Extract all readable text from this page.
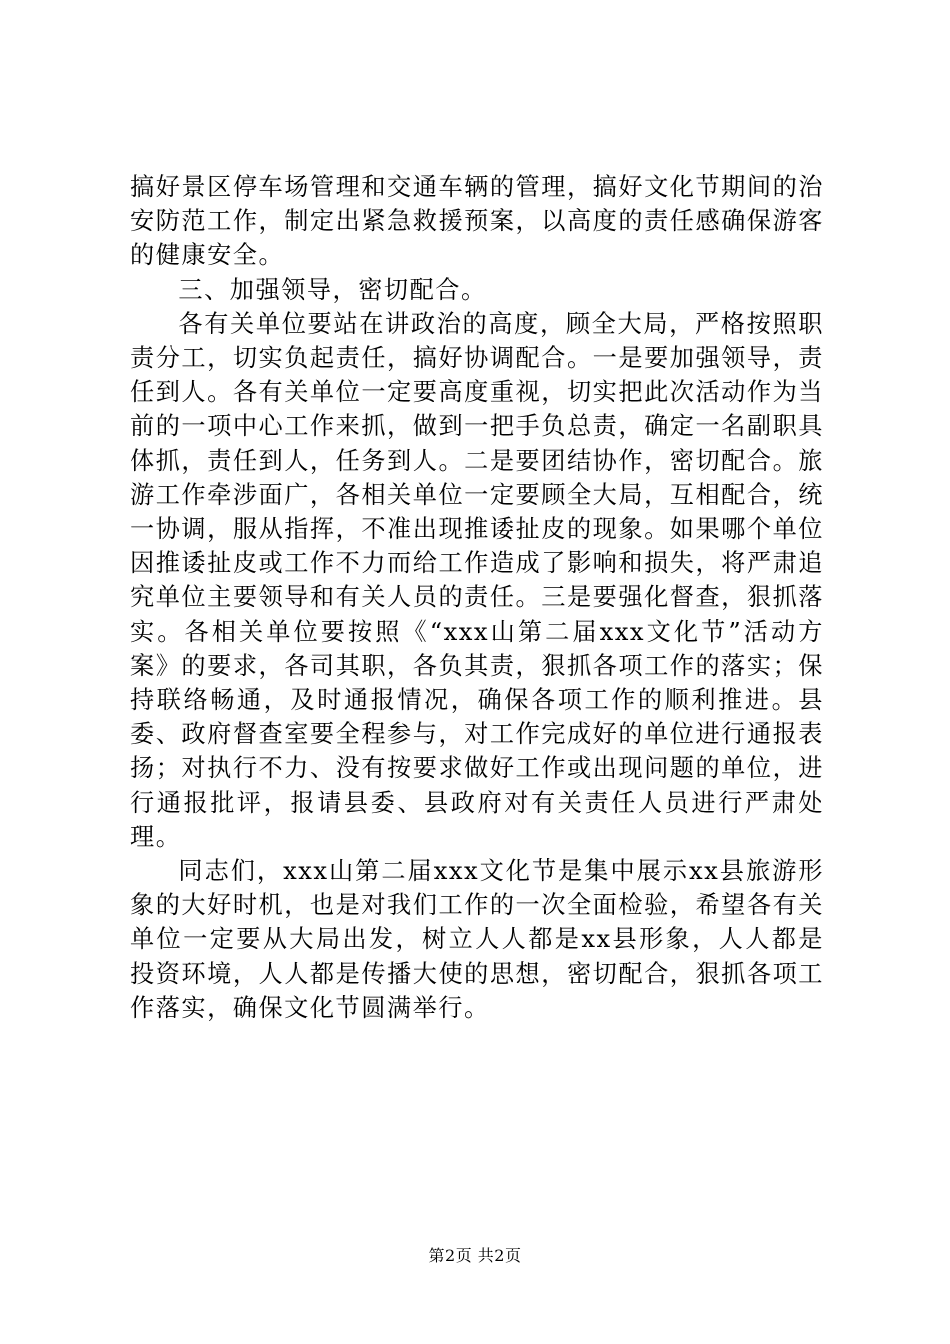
搞好景区停车场管理和交通车辆的管理，搞好文化节期间的治安防范工作，制定出紧急救援预案，以高度的责任感确保游客的健康安全。

三、加强领导，密切配合。

各有关单位要站在讲政治的高度，顾全大局，严格按照职责分工，切实负起责任，搞好协调配合。一是要加强领导，责任到人。各有关单位一定要高度重视，切实把此次活动作为当前的一项中心工作来抓，做到一把手负总责，确定一名副职具体抓，责任到人，任务到人。二是要团结协作，密切配合。旅游工作牵涉面广，各相关单位一定要顾全大局，互相配合，统一协调，服从指挥，不准出现推诿扯皮的现象。如果哪个单位因推诿扯皮或工作不力而给工作造成了影响和损失，将严肃追究单位主要领导和有关人员的责任。三是要强化督查，狠抓落实。各相关单位要按照《“xxx山第二届xxx文化节”活动方案》的要求，各司其职，各负其责，狠抓各项工作的落实；保持联络畅通，及时通报情况，确保各项工作的顺利推进。县委、政府督查室要全程参与，对工作完成好的单位进行通报表扬；对执行不力、没有按要求做好工作或出现问题的单位，进行通报批评，报请县委、县政府对有关责任人员进行严肃处理。

同志们，xxx山第二届xxx文化节是集中展示xx县旅游形象的大好时机，也是对我们工作的一次全面检验，希望各有关单位一定要从大局出发，树立人人都是xx县形象，人人都是投资环境，人人都是传播大使的思想，密切配合，狠抓各项工作落实，确保文化节圆满举行。

第2页 共2页
